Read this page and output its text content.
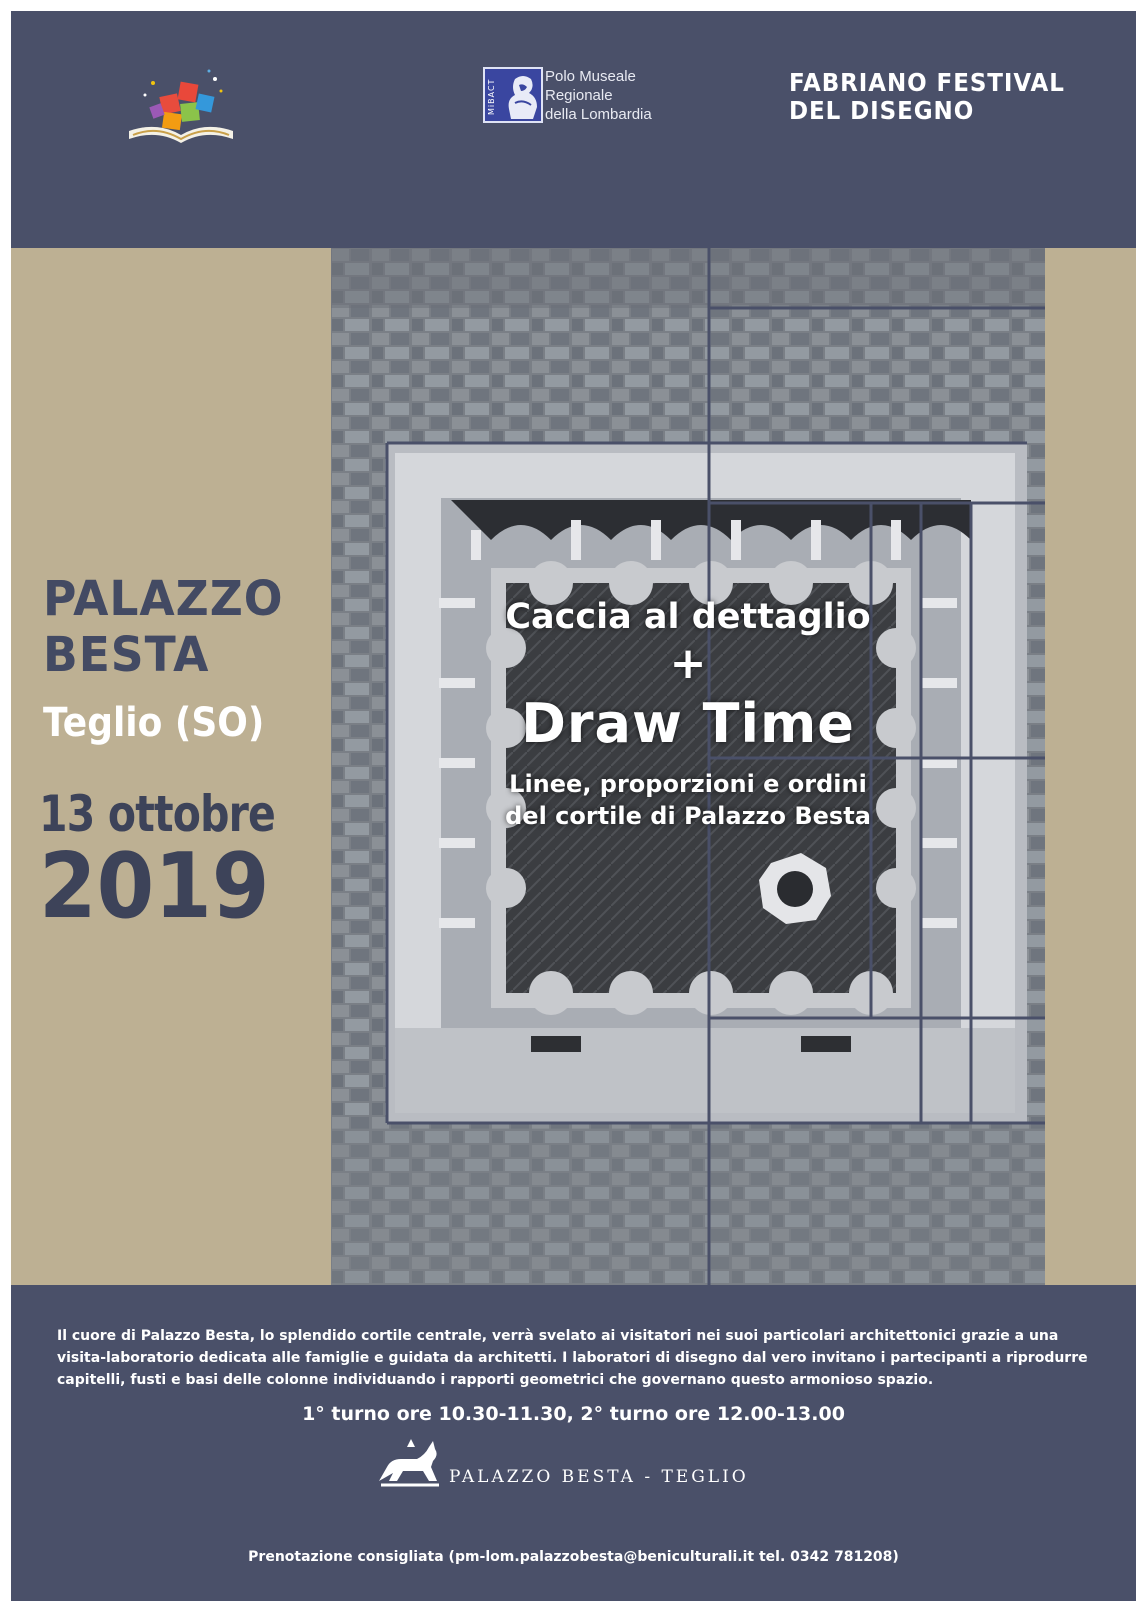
MiBACT
Polo Museale
Regionale
della Lombardia
FABRIANO FESTIVAL
DEL DISEGNO
PALAZZO
BESTA
Teglio (SO)
13 ottobre
2019
Caccia al dettaglio
+
Draw Time
Linee, proporzioni e ordini
del cortile di Palazzo Besta
Il cuore di Palazzo Besta, lo splendido cortile centrale, verrà svelato ai visitatori nei suoi particolari architettonici grazie a una
visita-laboratorio dedicata alle famiglie e guidata da architetti. I laboratori di disegno dal vero invitano i partecipanti a riprodurre
capitelli, fusti e basi delle colonne individuando i rapporti geometrici che governano questo armonioso spazio.
1° turno ore 10.30-11.30, 2° turno ore 12.00-13.00
PALAZZO BESTA - TEGLIO
Prenotazione consigliata (pm-lom.palazzobesta@beniculturali.it tel. 0342 781208)
